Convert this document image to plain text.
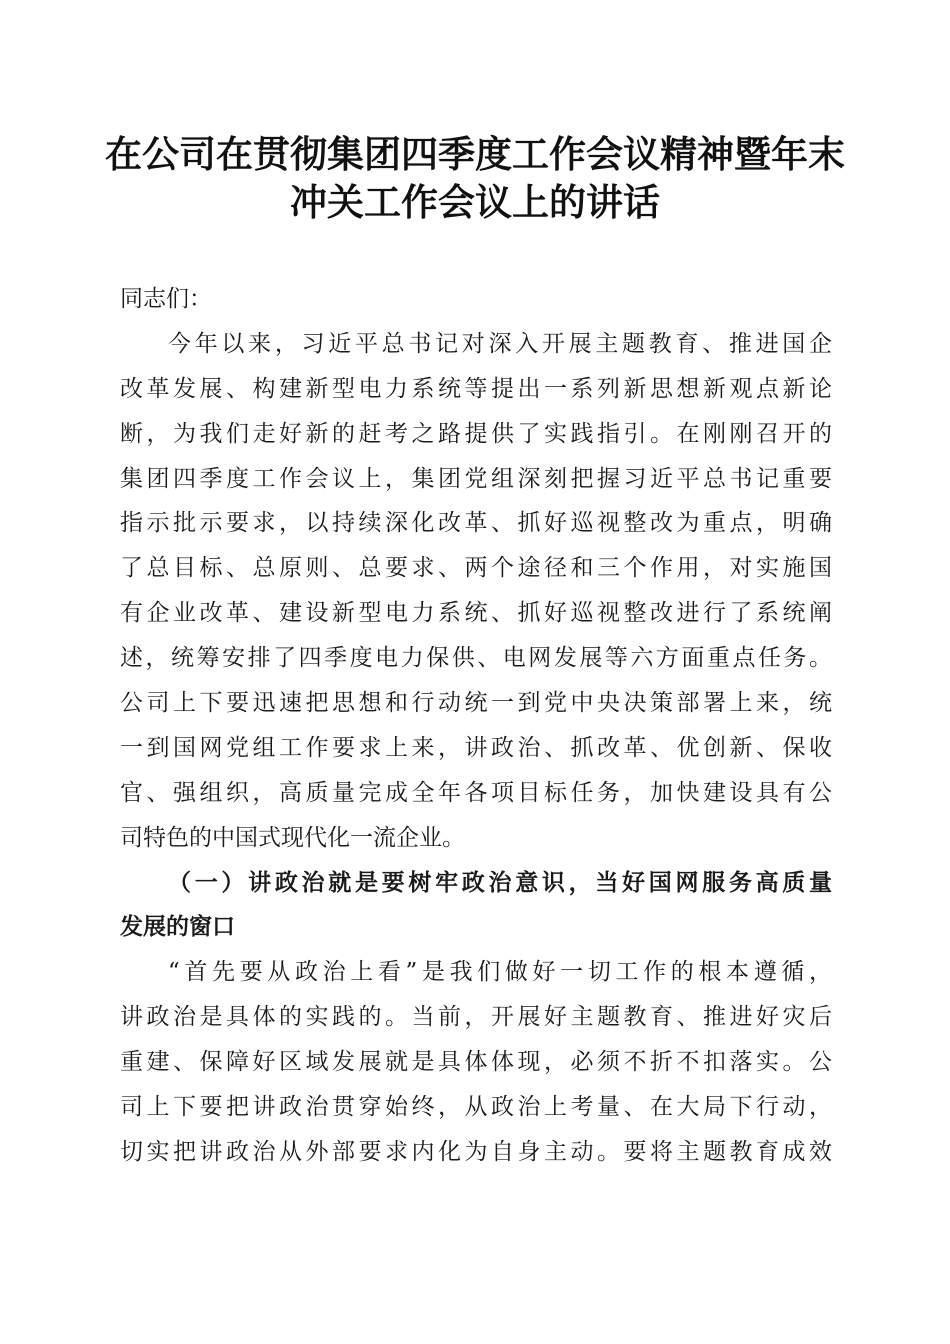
在公司在贯彻集团四季度工作会议精神暨年末
冲关工作会议上的讲话
同志们：
今年以来，习近平总书记对深入开展主题教育、推进国企
改革发展、构建新型电力系统等提出一系列新思想新观点新论
断，为我们走好新的赶考之路提供了实践指引。在刚刚召开的
集团四季度工作会议上，集团党组深刻把握习近平总书记重要
指示批示要求，以持续深化改革、抓好巡视整改为重点，明确
了总目标、总原则、总要求、两个途径和三个作用，对实施国
有企业改革、建设新型电力系统、抓好巡视整改进行了系统阐
述，统筹安排了四季度电力保供、电网发展等六方面重点任务。
公司上下要迅速把思想和行动统一到党中央决策部署上来，统
一到国网党组工作要求上来，讲政治、抓改革、优创新、保收
官、强组织，高质量完成全年各项目标任务，加快建设具有公
司特色的中国式现代化一流企业。
（一）讲政治就是要树牢政治意识，当好国网服务高质量
发展的窗口
“首先要从政治上看”是我们做好一切工作的根本遵循，
讲政治是具体的实践的。当前，开展好主题教育、推进好灾后
重建、保障好区域发展就是具体体现，必须不折不扣落实。公
司上下要把讲政治贯穿始终，从政治上考量、在大局下行动，
切实把讲政治从外部要求内化为自身主动。要将主题教育成效
